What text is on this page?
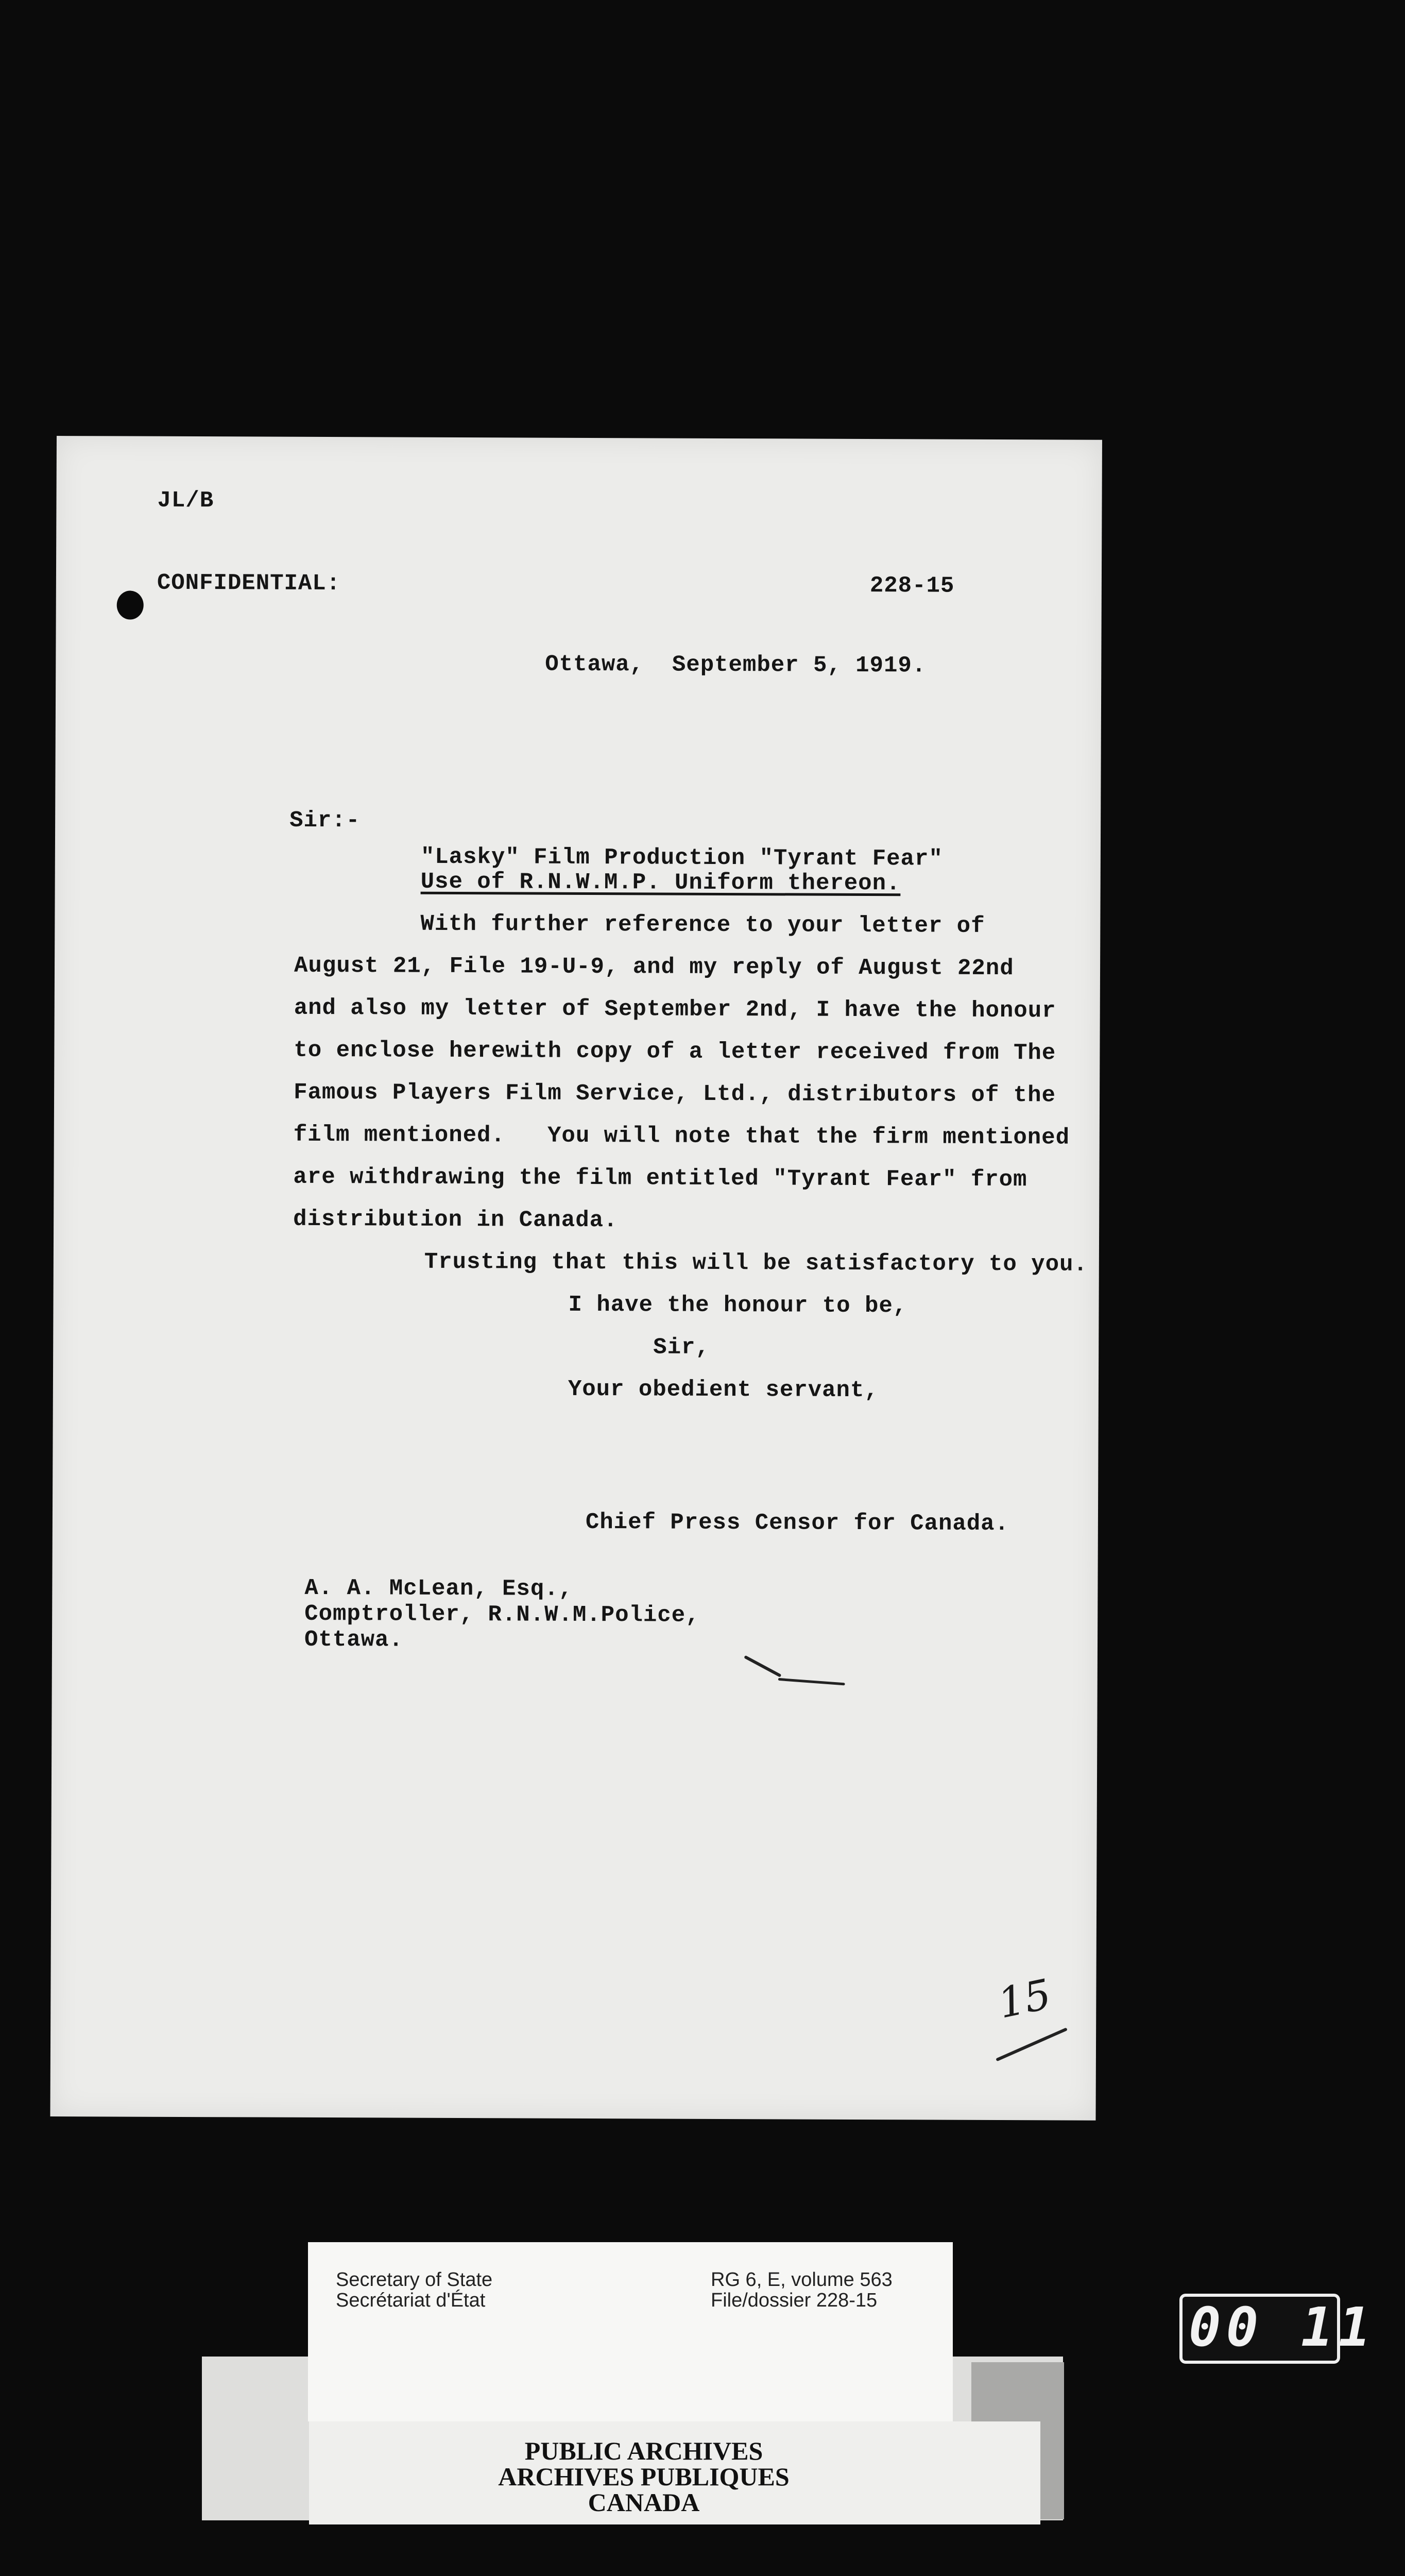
JL/B
CONFIDENTIAL:	228-15
Ottawa,  September 5, 1919.
Sir:-
"Lasky" Film Production "Tyrant Fear"
Use of R.N.W.M.P. Uniform thereon.
With further reference to your letter of
August 21, File 19-U-9, and my reply of August 22nd
and also my letter of September 2nd, I have the honour
to enclose herewith copy of a letter received from The
Famous Players Film Service, Ltd., distributors of the
film mentioned.   You will note that the firm mentioned
are withdrawing the film entitled "Tyrant Fear" from
distribution in Canada.
Trusting that this will be satisfactory to you.
I have the honour to be,
Sir,
Your obedient servant,
Chief Press Censor for Canada.
A. A. McLean, Esq.,
Comptroller, R.N.W.M.Police,
Ottawa.
15
PUBLIC ARCHIVES
ARCHIVES PUBLIQUES
CANADA
Secretary of State
Secrétariat d'État
RG 6, E, volume 563
File/dossier 228-15	00 11
